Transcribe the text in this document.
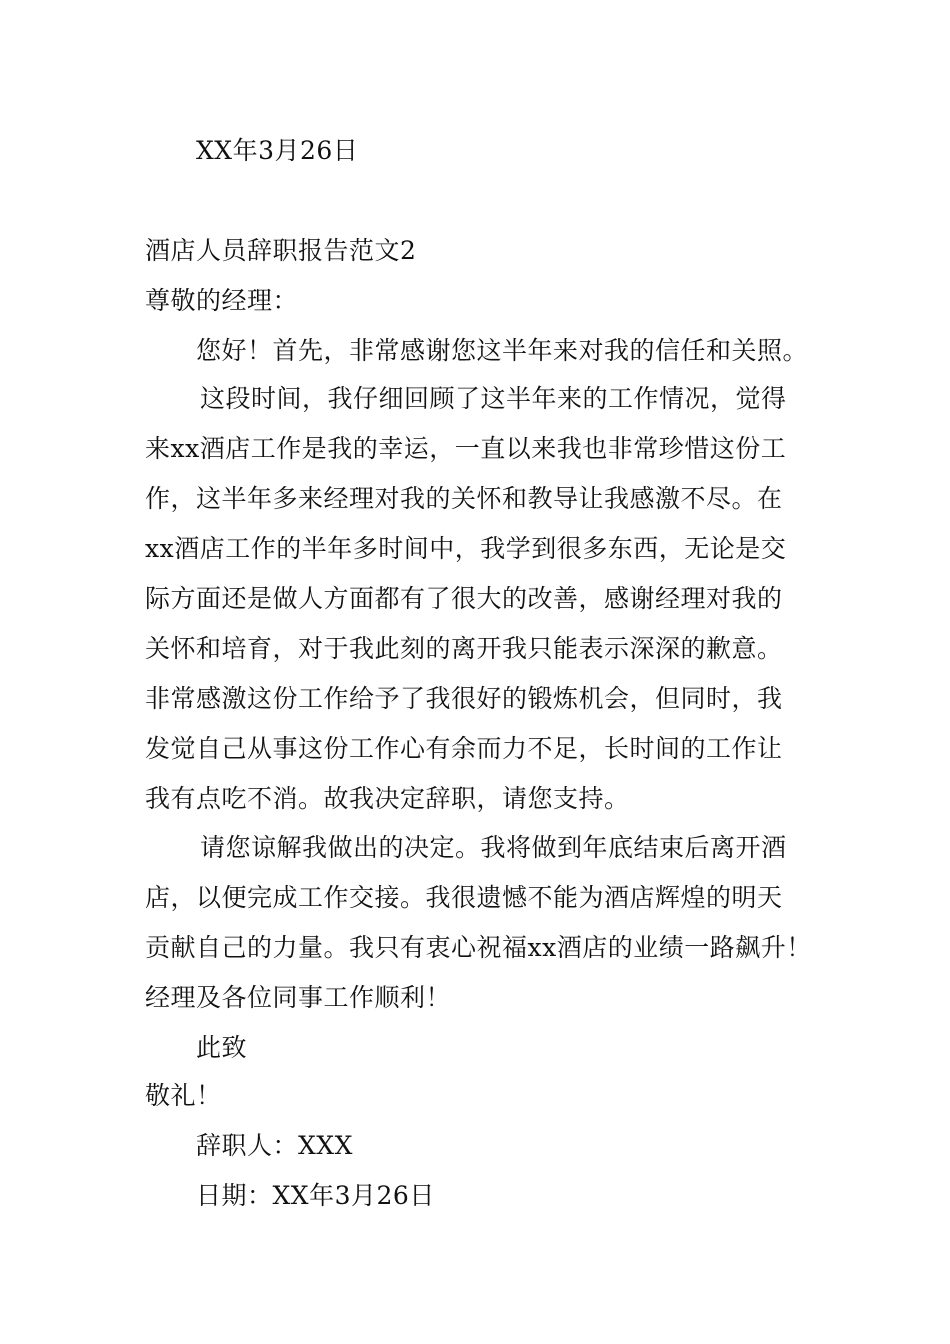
XX年3月26日
酒店人员辞职报告范文2
尊敬的经理：
您好！首先，非常感谢您这半年来对我的信任和关照。
这段时间，我仔细回顾了这半年来的工作情况，觉得
来xx酒店工作是我的幸运，一直以来我也非常珍惜这份工
作，这半年多来经理对我的关怀和教导让我感激不尽。在
xx酒店工作的半年多时间中，我学到很多东西，无论是交
际方面还是做人方面都有了很大的改善，感谢经理对我的
关怀和培育，对于我此刻的离开我只能表示深深的歉意。
非常感激这份工作给予了我很好的锻炼机会，但同时，我
发觉自己从事这份工作心有余而力不足，长时间的工作让
我有点吃不消。故我决定辞职，请您支持。
请您谅解我做出的决定。我将做到年底结束后离开酒
店，以便完成工作交接。我很遗憾不能为酒店辉煌的明天
贡献自己的力量。我只有衷心祝福xx酒店的业绩一路飙升！
经理及各位同事工作顺利！
此致
敬礼！
辞职人：XXX
日期：XX年3月26日
